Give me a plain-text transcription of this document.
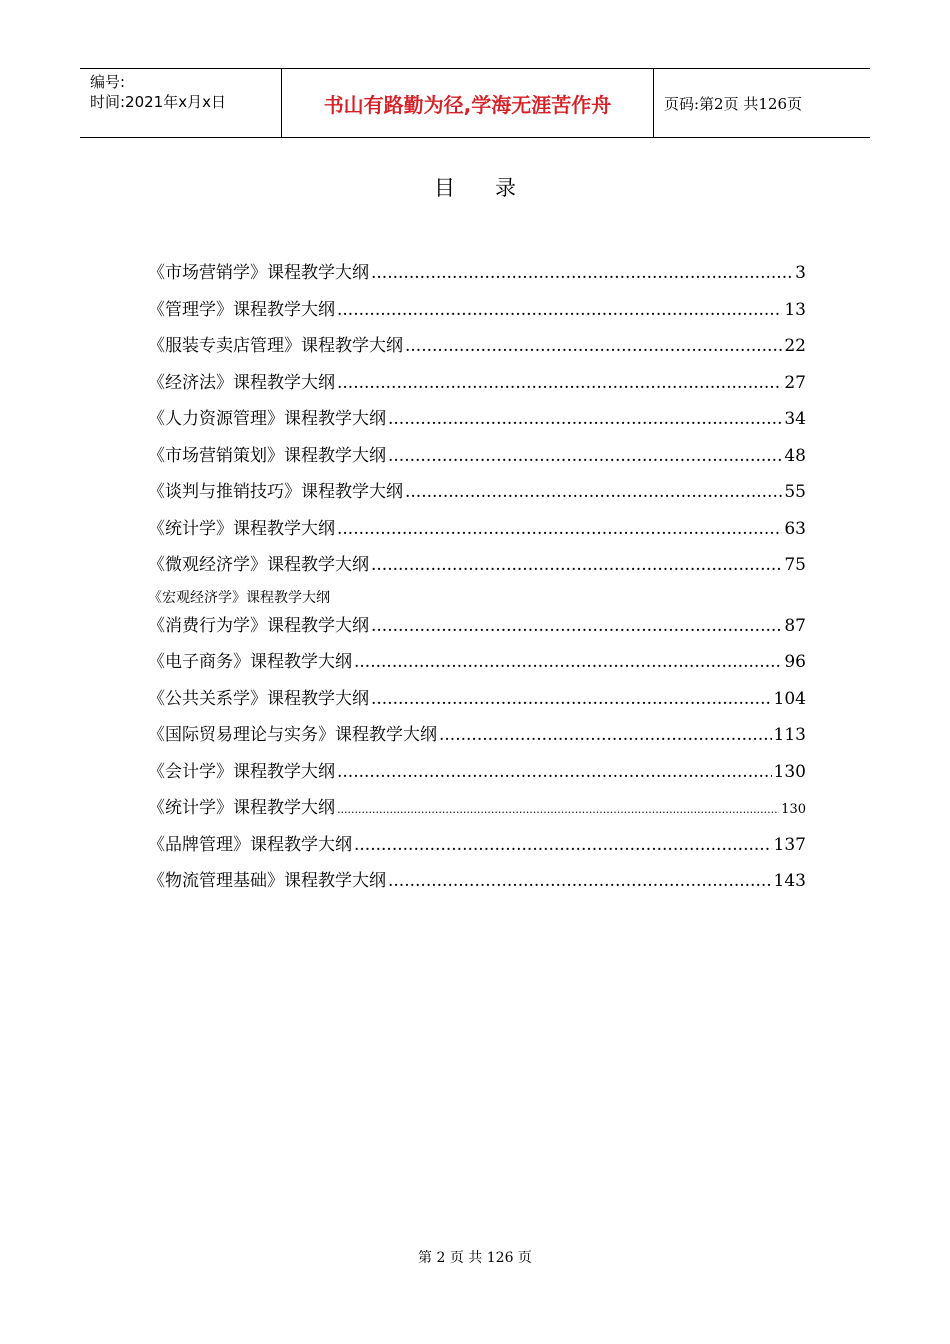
编号:
时间:2021年x月x日	书山有路勤为径,学海无涯苦作舟	页码:第2页 共126页
目录
《市场营销学》课程教学大纲 .....	3
《管理学》课程教学大纲 .....	13
《服装专卖店管理》课程教学大纲 .....	22
《经济法》课程教学大纲 .....	27
《人力资源管理》课程教学大纲 .....	34
《市场营销策划》课程教学大纲 .....	48
《谈判与推销技巧》课程教学大纲 .....	55
《统计学》课程教学大纲 .....	63
《微观经济学》课程教学大纲 .....	75
《宏观经济学》课程教学大纲
《消费行为学》课程教学大纲 .....	87
《电子商务》课程教学大纲 .....	96
《公共关系学》课程教学大纲 .....	104
《国际贸易理论与实务》课程教学大纲 .....	113
《会计学》课程教学大纲 .....	130
《统计学》课程教学大纲 .....	130
《品牌管理》课程教学大纲 .....	137
《物流管理基础》课程教学大纲 .....	143
第 2 页 共 126 页
